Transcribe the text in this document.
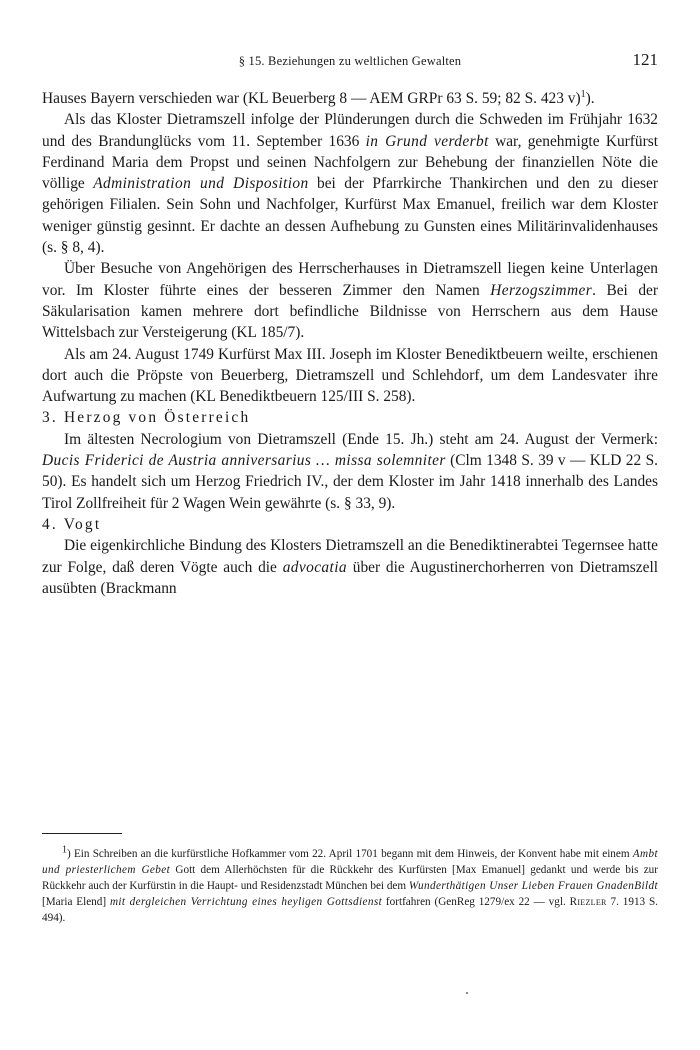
§ 15. Beziehungen zu weltlichen Gewalten	121

Hauses Bayern verschieden war (KL Beuerberg 8 — AEM GRPr 63 S. 59; 82 S. 423 v)$^1$).

Als das Kloster Dietramszell infolge der Plünderungen durch die Schweden im Frühjahr 1632 und des Brandunglücks vom 11. September 1636 in Grund verderbt war, genehmigte Kurfürst Ferdinand Maria dem Propst und seinen Nachfolgern zur Behebung der finanziellen Nöte die völlige Administration und Disposition bei der Pfarrkirche Thankirchen und den zu dieser gehörigen Filialen. Sein Sohn und Nachfolger, Kurfürst Max Emanuel, freilich war dem Kloster weniger günstig gesinnt. Er dachte an dessen Aufhebung zu Gunsten eines Militärinvalidenhauses (s. § 8, 4).

Über Besuche von Angehörigen des Herrscherhauses in Dietramszell liegen keine Unterlagen vor. Im Kloster führte eines der besseren Zimmer den Namen Herzogszimmer. Bei der Säkularisation kamen mehrere dort befindliche Bildnisse von Herrschern aus dem Hause Wittelsbach zur Versteigerung (KL 185/7).

Als am 24. August 1749 Kurfürst Max III. Joseph im Kloster Benediktbeuern weilte, erschienen dort auch die Pröpste von Beuerberg, Dietramszell und Schlehdorf, um dem Landesvater ihre Aufwartung zu machen (KL Benediktbeuern 125/III S. 258).

3. Herzog von Österreich

Im ältesten Necrologium von Dietramszell (Ende 15. Jh.) steht am 24. August der Vermerk: Ducis Friderici de Austria anniversarius … missa solemniter (Clm 1348 S. 39 v — KLD 22 S. 50). Es handelt sich um Herzog Friedrich IV., der dem Kloster im Jahr 1418 innerhalb des Landes Tirol Zollfreiheit für 2 Wagen Wein gewährte (s. § 33, 9).

4. Vogt

Die eigenkirchliche Bindung des Klosters Dietramszell an die Benediktinerabtei Tegernsee hatte zur Folge, daß deren Vögte auch die advocatia über die Augustinerchorherren von Dietramszell ausübten (Brackmann

$^1$) Ein Schreiben an die kurfürstliche Hofkammer vom 22. April 1701 begann mit dem Hinweis, der Konvent habe mit einem Ambt und priesterlichem Gebet Gott dem Allerhöchsten für die Rückkehr des Kurfürsten [Max Emanuel] gedankt und werde bis zur Rückkehr auch der Kurfürstin in die Haupt- und Residenzstadt München bei dem Wunderthätigen Unser Lieben Frauen GnadenBildt [Maria Elend] mit dergleichen Verrichtung eines heyligen Gottsdienst fortfahren (GenReg 1279/ex 22 — vgl. Riezler 7. 1913 S. 494).
